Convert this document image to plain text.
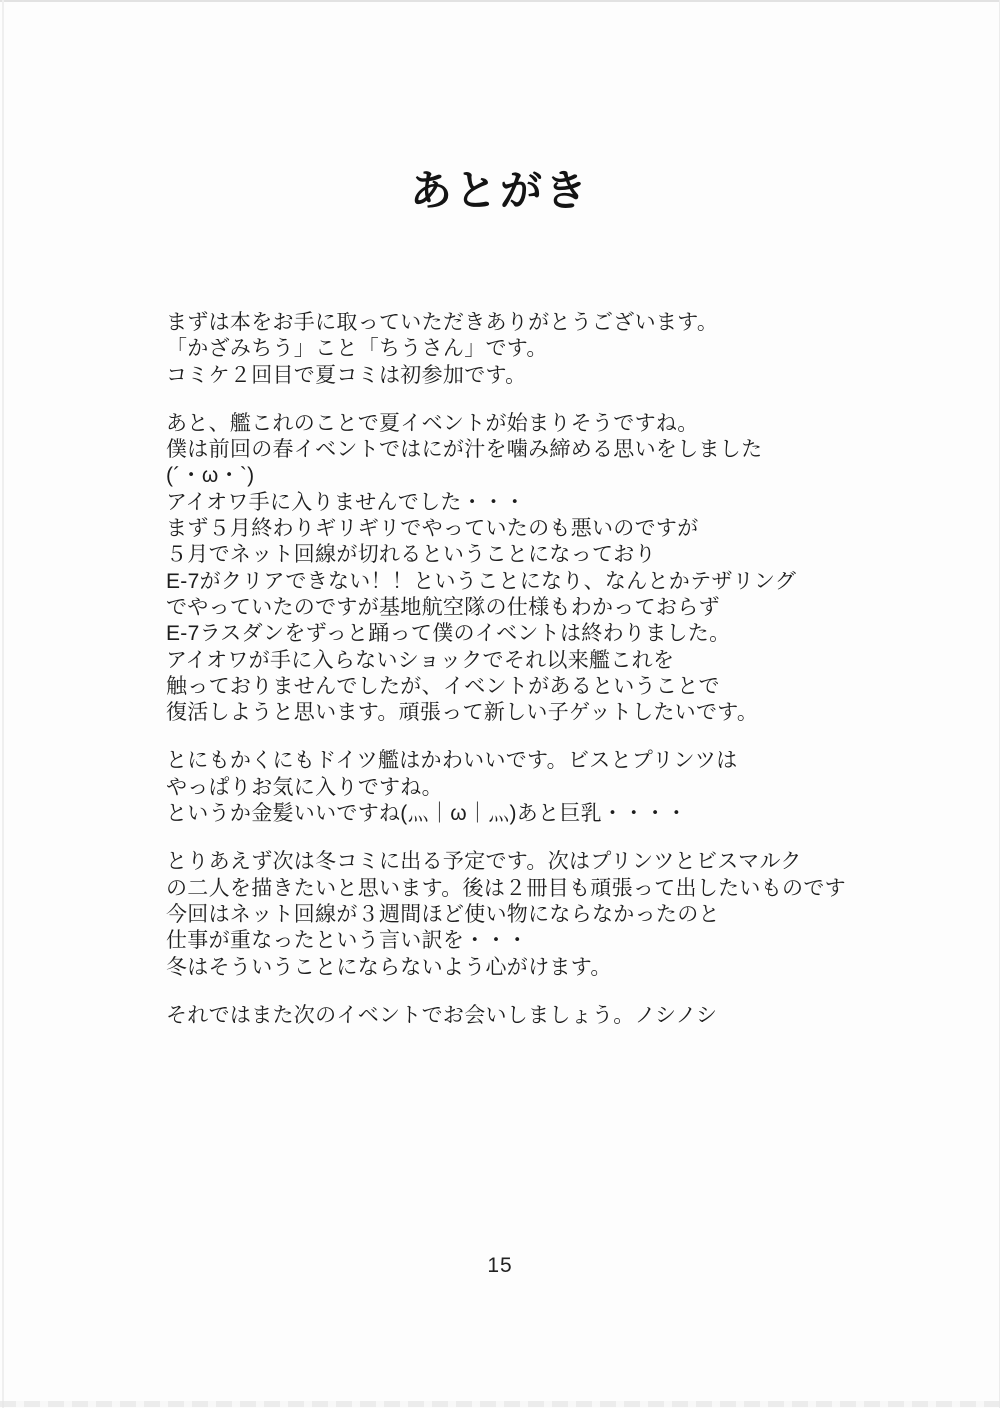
あとがき
まずは本をお手に取っていただきありがとうございます。
「かざみちう」こと「ちうさん」です。
コミケ２回目で夏コミは初参加です。
あと、艦これのことで夏イベントが始まりそうですね。
僕は前回の春イベントではにが汁を噛み締める思いをしました
(´・ω・`)
アイオワ手に入りませんでした・・・
まず５月終わりギリギリでやっていたのも悪いのですが
５月でネット回線が切れるということになっており
E-7がクリアできない！！ということになり、なんとかテザリング
でやっていたのですが基地航空隊の仕様もわかっておらず
E-7ラスダンをずっと踊って僕のイベントは終わりました。
アイオワが手に入らないショックでそれ以来艦これを
触っておりませんでしたが、イベントがあるということで
復活しようと思います。頑張って新しい子ゲットしたいです。
とにもかくにもドイツ艦はかわいいです。ビスとプリンツは
やっぱりお気に入りですね。
というか金髪いいですね(灬｜ω｜灬)あと巨乳・・・・
とりあえず次は冬コミに出る予定です。次はプリンツとビスマルク
の二人を描きたいと思います。後は２冊目も頑張って出したいものです
今回はネット回線が３週間ほど使い物にならなかったのと
仕事が重なったという言い訳を・・・
冬はそういうことにならないよう心がけます。
それではまた次のイベントでお会いしましょう。ノシノシ
15
